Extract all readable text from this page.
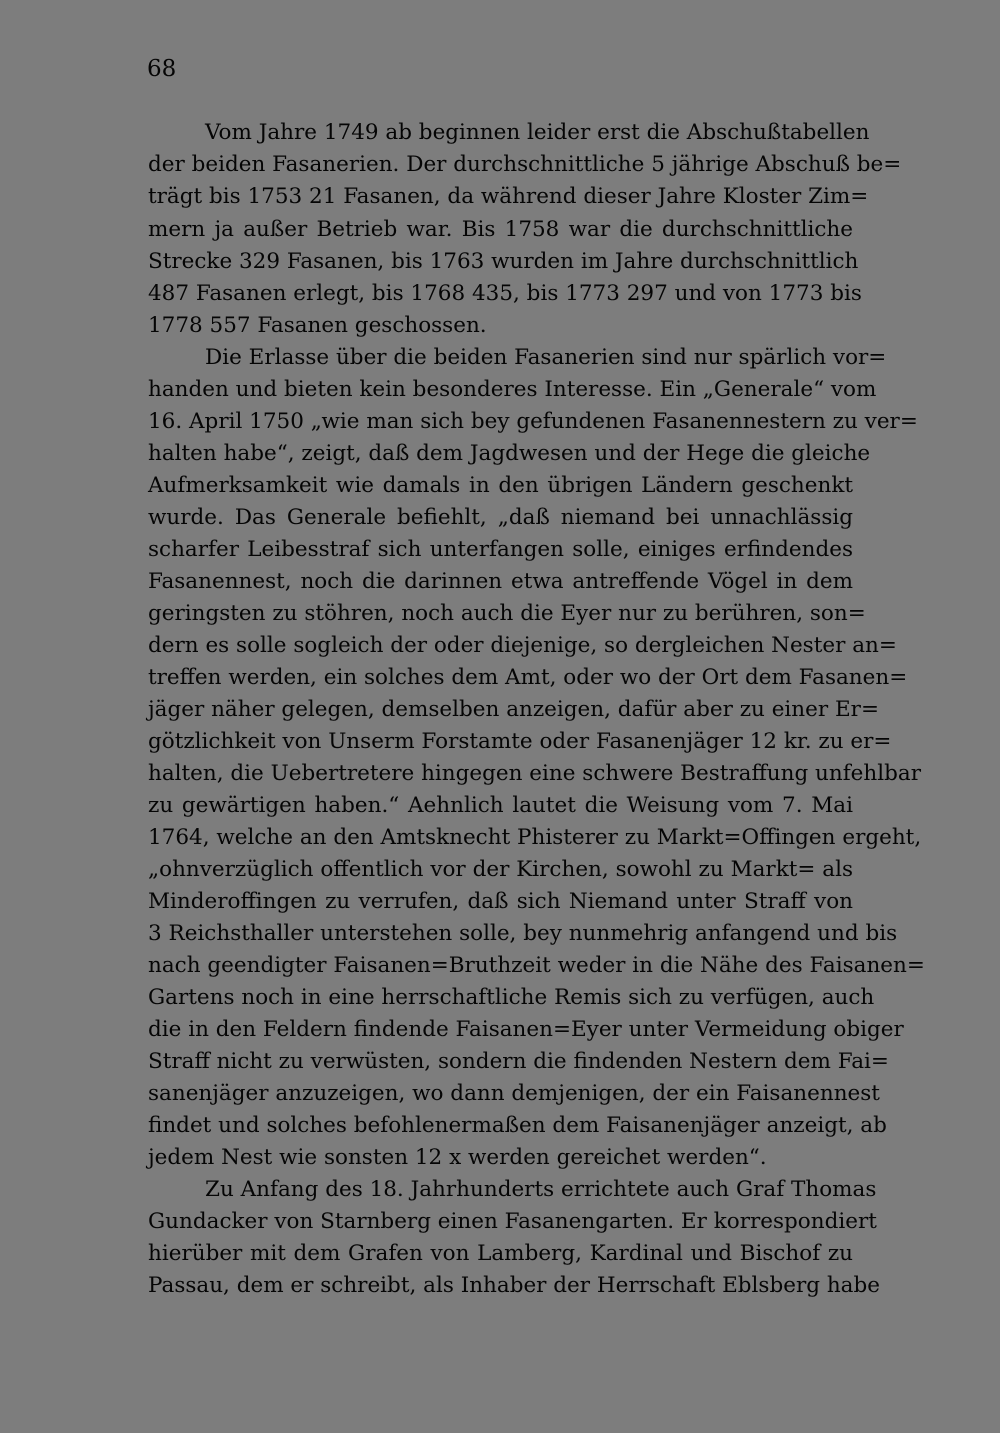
68
Vom Jahre 1749 ab beginnen leider erst die Abschußtabellen
der beiden Fasanerien. Der durchschnittliche 5 jährige Abschuß be=
trägt bis 1753 21 Fasanen, da während dieser Jahre Kloster Zim=
mern ja außer Betrieb war. Bis 1758 war die durchschnittliche
Strecke 329 Fasanen, bis 1763 wurden im Jahre durchschnittlich
487 Fasanen erlegt, bis 1768 435, bis 1773 297 und von 1773 bis
1778 557 Fasanen geschossen.
Die Erlasse über die beiden Fasanerien sind nur spärlich vor=
handen und bieten kein besonderes Interesse. Ein „Generale“ vom
16. April 1750 „wie man sich bey gefundenen Fasanennestern zu ver=
halten habe“, zeigt, daß dem Jagdwesen und der Hege die gleiche
Aufmerksamkeit wie damals in den übrigen Ländern geschenkt
wurde. Das Generale befiehlt, „daß niemand bei unnachlässig
scharfer Leibesstraf sich unterfangen solle, einiges erfindendes
Fasanennest, noch die darinnen etwa antreffende Vögel in dem
geringsten zu stöhren, noch auch die Eyer nur zu berühren, son=
dern es solle sogleich der oder diejenige, so dergleichen Nester an=
treffen werden, ein solches dem Amt, oder wo der Ort dem Fasanen=
jäger näher gelegen, demselben anzeigen, dafür aber zu einer Er=
götzlichkeit von Unserm Forstamte oder Fasanenjäger 12 kr. zu er=
halten, die Uebertretere hingegen eine schwere Bestraffung unfehlbar
zu gewärtigen haben.“ Aehnlich lautet die Weisung vom 7. Mai
1764, welche an den Amtsknecht Phisterer zu Markt=Offingen ergeht,
„ohnverzüglich offentlich vor der Kirchen, sowohl zu Markt= als
Minderoffingen zu verrufen, daß sich Niemand unter Straff von
3 Reichsthaller unterstehen solle, bey nunmehrig anfangend und bis
nach geendigter Faisanen=Bruthzeit weder in die Nähe des Faisanen=
Gartens noch in eine herrschaftliche Remis sich zu verfügen, auch
die in den Feldern findende Faisanen=Eyer unter Vermeidung obiger
Straff nicht zu verwüsten, sondern die findenden Nestern dem Fai=
sanenjäger anzuzeigen, wo dann demjenigen, der ein Faisanennest
findet und solches befohlenermaßen dem Faisanenjäger anzeigt, ab
jedem Nest wie sonsten 12 x werden gereichet werden“.
Zu Anfang des 18. Jahrhunderts errichtete auch Graf Thomas
Gundacker von Starnberg einen Fasanengarten. Er korrespondiert
hierüber mit dem Grafen von Lamberg, Kardinal und Bischof zu
Passau, dem er schreibt, als Inhaber der Herrschaft Eblsberg habe
